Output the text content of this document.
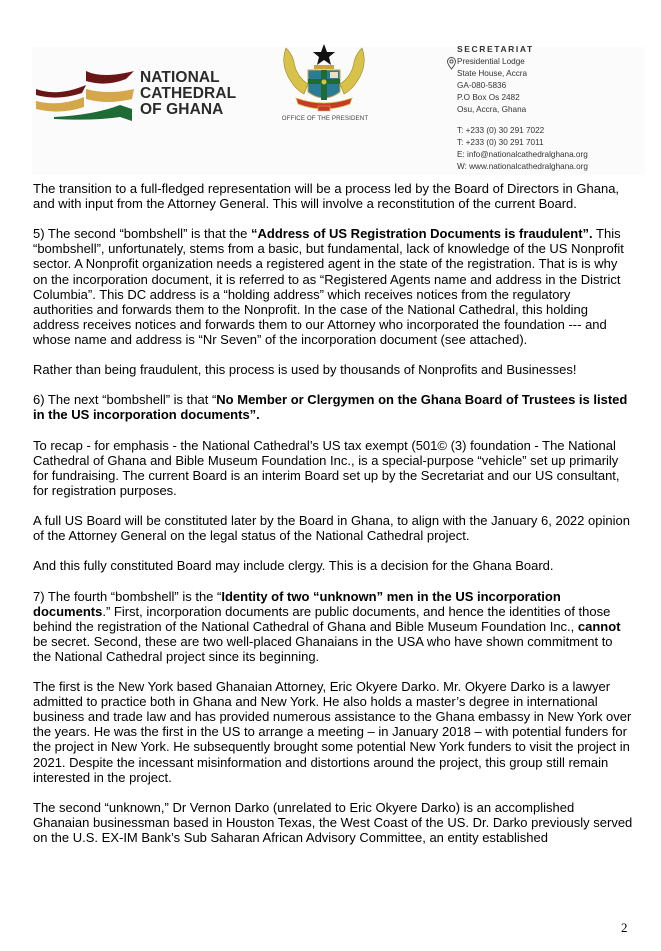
NATIONAL
CATHEDRAL
OF GHANA
OFFICE OF THE PRESIDENT
SECRETARIAT
Presidential Lodge
State House, Accra
GA-080-5836
P.O Box Os 2482
Osu, Accra, Ghana
T: +233 (0) 30 291 7022
T: +233 (0) 30 291 7011
E: info@nationalcathedralghana.org
W: www.nationalcathedralghana.org

The transition to a full-fledged representation will be a process led by the Board of Directors in Ghana, and with input from the Attorney General. This will involve a reconstitution of the current Board.

5) The second “bombshell” is that the “Address of US Registration Documents is fraudulent”. This “bombshell”, unfortunately, stems from a basic, but fundamental, lack of knowledge of the US Nonprofit sector. A Nonprofit organization needs a registered agent in the state of the registration. That is is why on the incorporation document, it is referred to as “Registered Agents name and address in the District Columbia”. This DC address is a “holding address” which receives notices from the regulatory authorities and forwards them to the Nonprofit. In the case of the National Cathedral, this holding address receives notices and forwards them to our Attorney who incorporated the foundation --- and whose name and address is “Nr Seven” of the incorporation document (see attached).

Rather than being fraudulent, this process is used by thousands of Nonprofits and Businesses!

6) The next “bombshell” is that “No Member or Clergymen on the Ghana Board of Trustees is listed in the US incorporation documents”.

To recap - for emphasis - the National Cathedral’s US tax exempt (501© (3) foundation - The National Cathedral of Ghana and Bible Museum Foundation Inc., is a special-purpose “vehicle” set up primarily for fundraising. The current Board is an interim Board set up by the Secretariat and our US consultant, for registration purposes.

A full US Board will be constituted later by the Board in Ghana, to align with the January 6, 2022 opinion of the Attorney General on the legal status of the National Cathedral project.

And this fully constituted Board may include clergy. This is a decision for the Ghana Board.

7) The fourth “bombshell” is the “Identity of two “unknown” men in the US incorporation documents.” First, incorporation documents are public documents, and hence the identities of those behind the registration of the National Cathedral of Ghana and Bible Museum Foundation Inc., cannot be secret. Second, these are two well-placed Ghanaians in the USA who have shown commitment to the National Cathedral project since its beginning.

The first is the New York based Ghanaian Attorney, Eric Okyere Darko. Mr. Okyere Darko is a lawyer admitted to practice both in Ghana and New York. He also holds a master’s degree in international business and trade law and has provided numerous assistance to the Ghana embassy in New York over the years. He was the first in the US to arrange a meeting – in January 2018 – with potential funders for the project in New York. He subsequently brought some potential New York funders to visit the project in 2021. Despite the incessant misinformation and distortions around the project, this group still remain interested in the project.

The second “unknown,” Dr Vernon Darko (unrelated to Eric Okyere Darko) is an accomplished Ghanaian businessman based in Houston Texas, the West Coast of the US. Dr. Darko previously served on the U.S. EX-IM Bank’s Sub Saharan African Advisory Committee, an entity established

2
